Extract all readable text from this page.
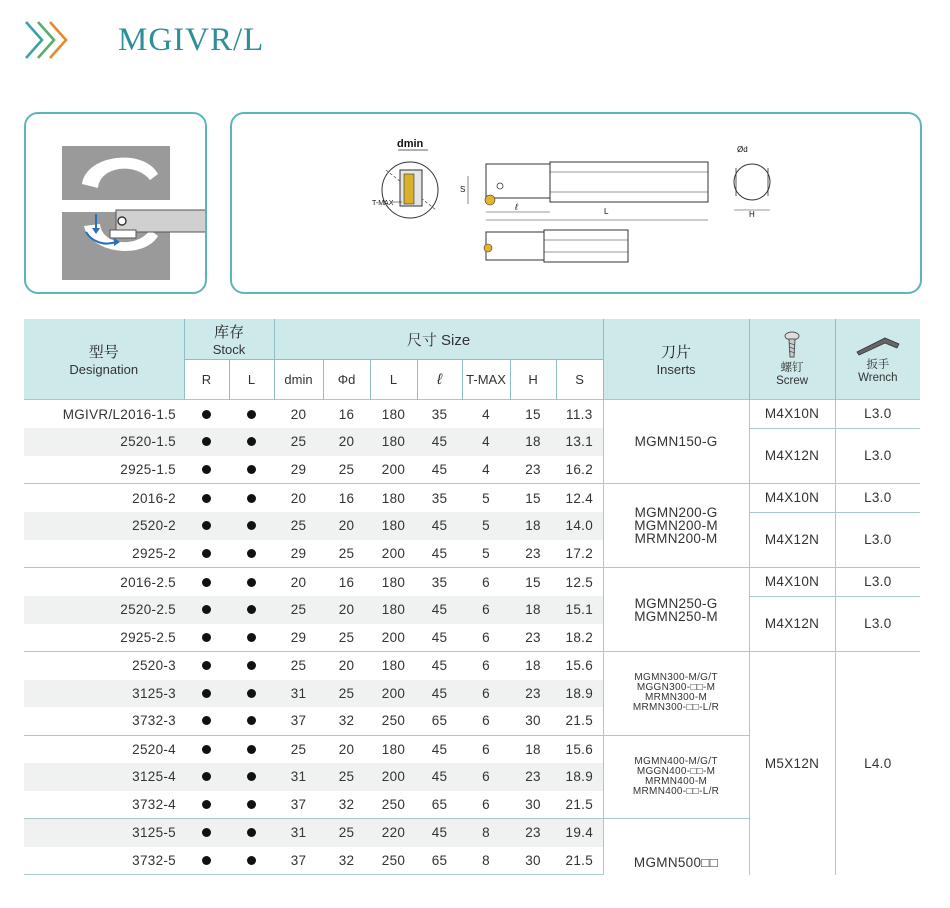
MGIVR/L
dmin
T-MAX
S
ℓ	L
Ød
H
型号
Designation	库存
Stock		尺寸 Size							刀片
Inserts	螺钉
Screw	扳手
Wrench

	R	L	dmin	Φd	L	ℓ	T-MAX	H	S			
MGIVR/L2016-1.5			20	16	180	35	4	15	11.3	MGMN150-G	M4X10N	L3.0
2520-1.5			25	20	180	45	4	18	13.1		M4X12N	L3.0
2925-1.5			29	25	200	45	4	23	16.2			
2016-2			20	16	180	35	5	15	12.4	MGMN200-G
MGMN200-M
MRMN200-M	M4X10N	L3.0
2520-2			25	20	180	45	5	18	14.0		M4X12N	L3.0
2925-2			29	25	200	45	5	23	17.2			
2016-2.5			20	16	180	35	6	15	12.5	MGMN250-G
MGMN250-M	M4X10N	L3.0
2520-2.5			25	20	180	45	6	18	15.1		M4X12N	L3.0
2925-2.5			29	25	200	45	6	23	18.2			
2520-3			25	20	180	45	6	18	15.6	MGMN300-M/G/T
MGGN300-□□-M
MRMN300-M
MRMN300-□□-L/R	M5X12N	L4.0
3125-3			31	25	200	45	6	23	18.9			
3732-3			37	32	250	65	6	30	21.5			
2520-4			25	20	180	45	6	18	15.6	MGMN400-M/G/T
MGGN400-□□-M
MRMN400-M
MRMN400-□□-L/R		

3125-4			31	25	200	45	6	23	18.9			
3732-4			37	32	250	65	6	30	21.5			
3125-5			31	25	220	45	8	23	19.4	MGMN500□□		

3732-5			37	32	250	65	8	30	21.5			
